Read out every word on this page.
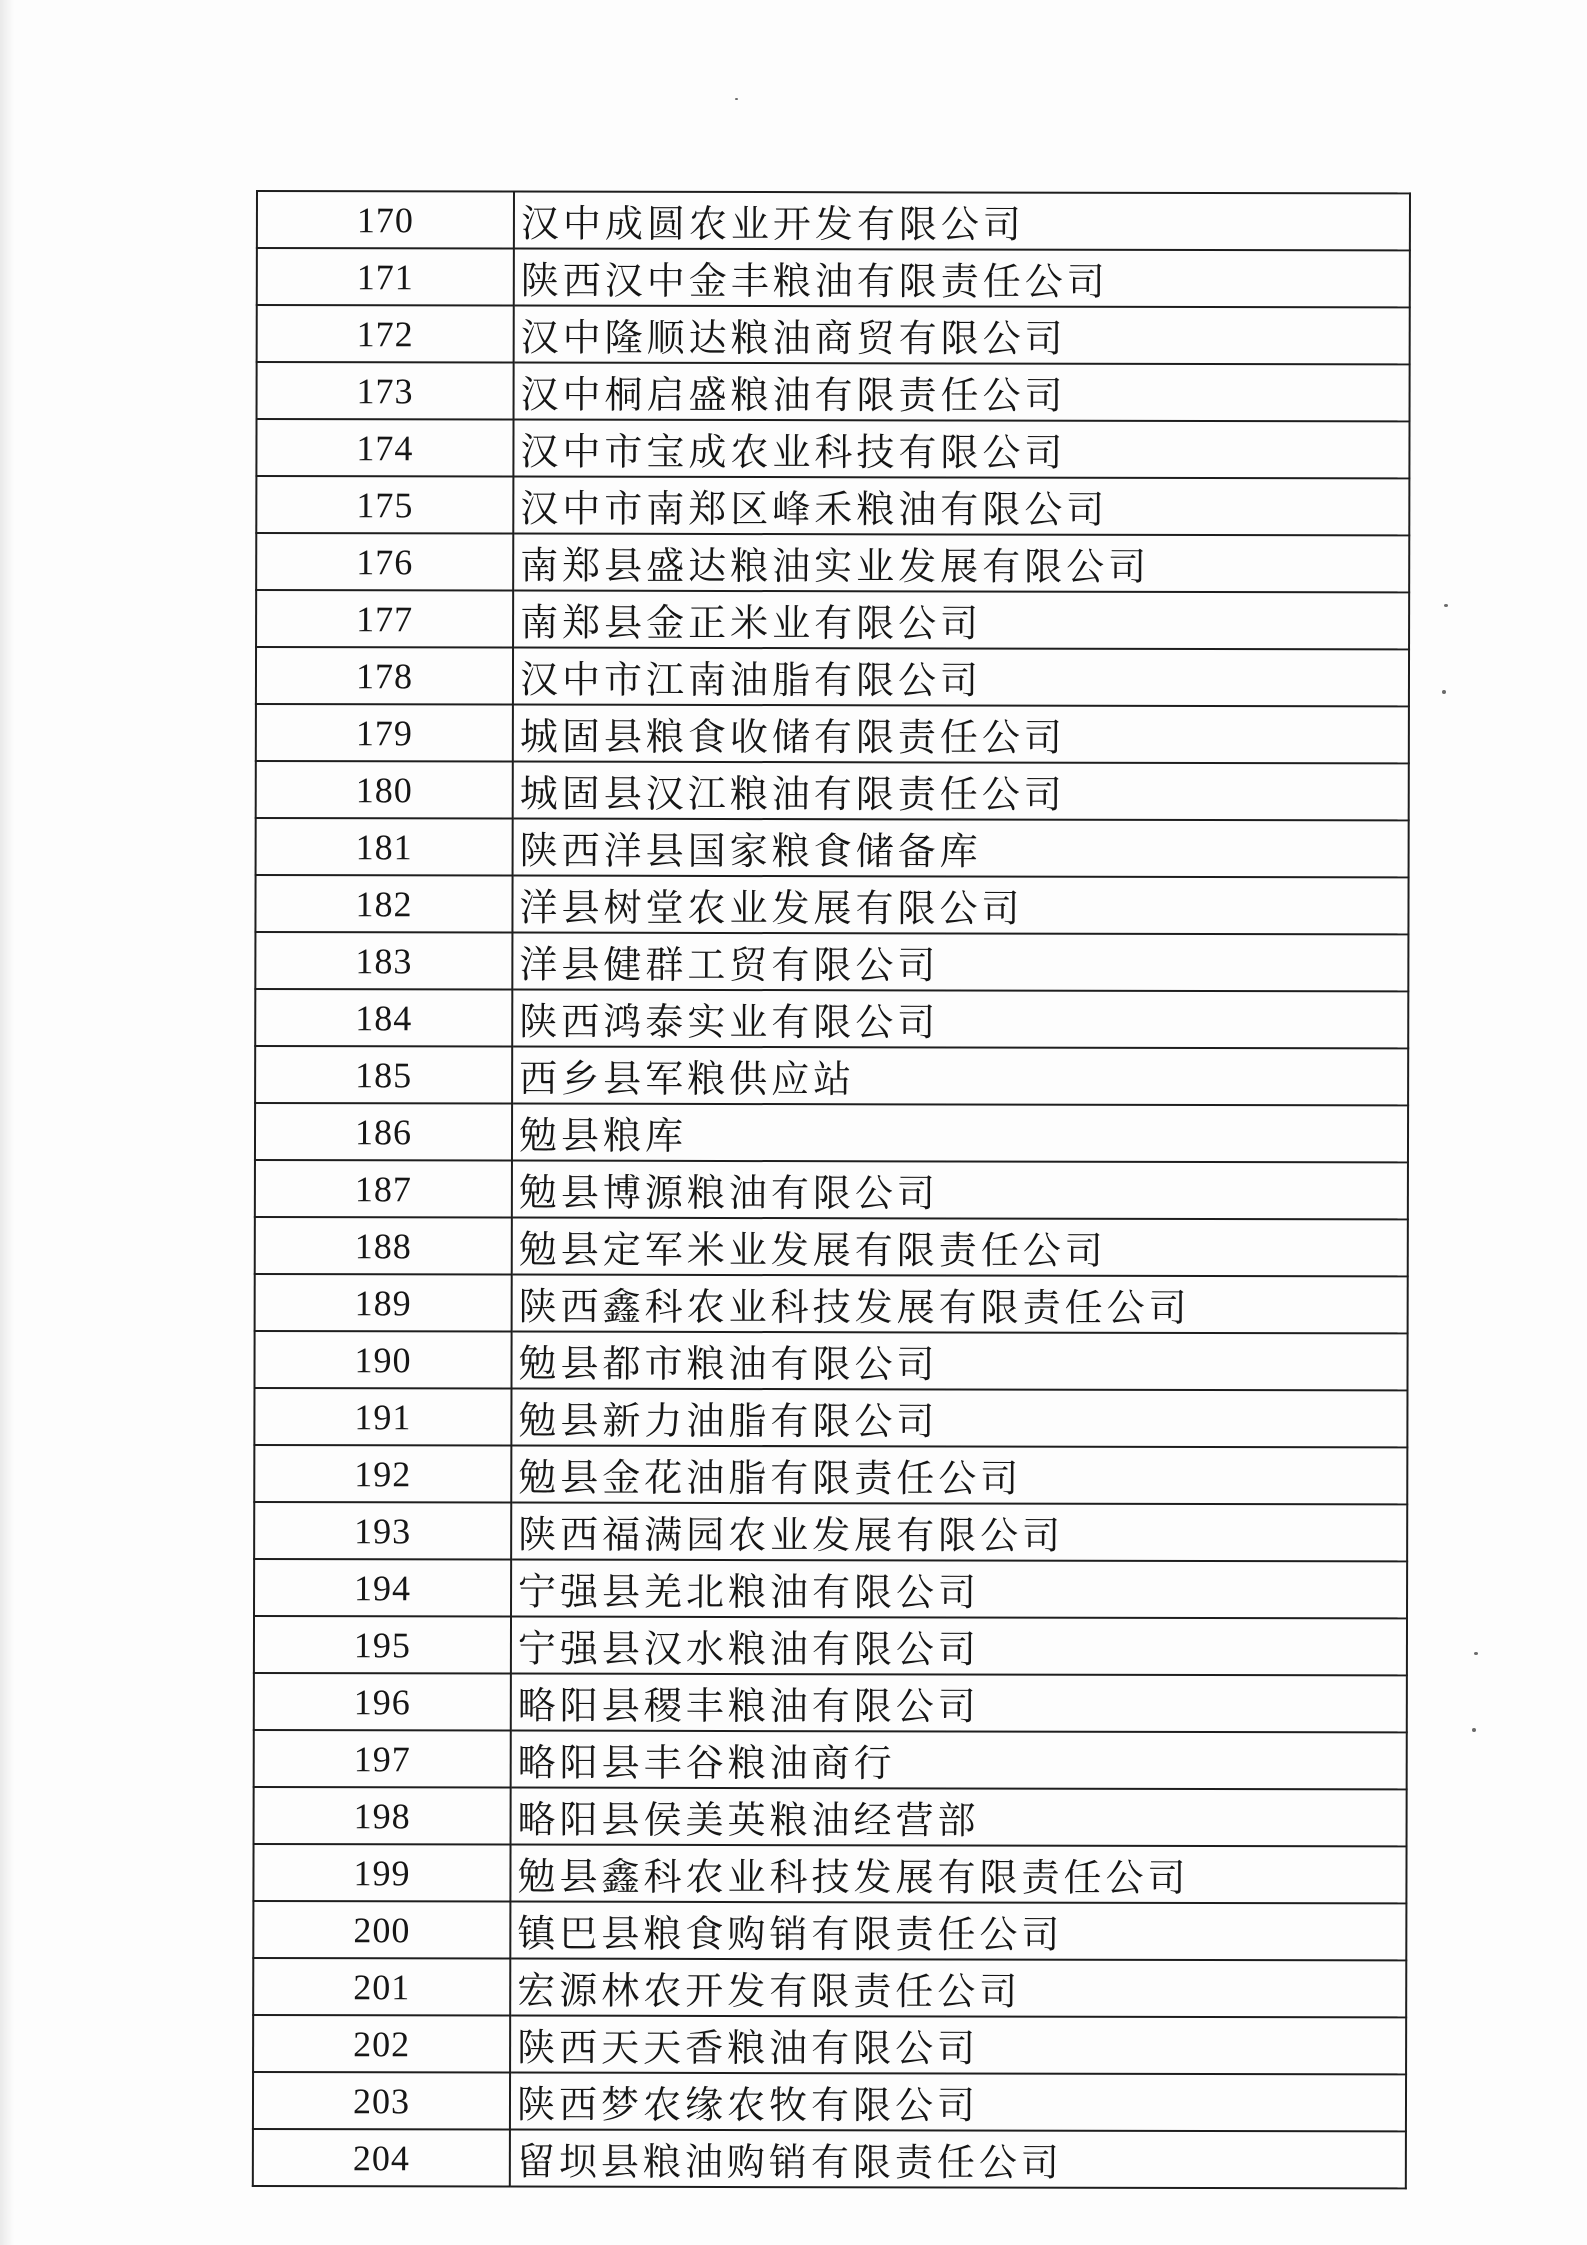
170	汉中成圆农业开发有限公司
171	陕西汉中金丰粮油有限责任公司
172	汉中隆顺达粮油商贸有限公司
173	汉中桐启盛粮油有限责任公司
174	汉中市宝成农业科技有限公司
175	汉中市南郑区峰禾粮油有限公司
176	南郑县盛达粮油实业发展有限公司
177	南郑县金正米业有限公司
178	汉中市江南油脂有限公司
179	城固县粮食收储有限责任公司
180	城固县汉江粮油有限责任公司
181	陕西洋县国家粮食储备库
182	洋县树堂农业发展有限公司
183	洋县健群工贸有限公司
184	陕西鸿泰实业有限公司
185	西乡县军粮供应站
186	勉县粮库
187	勉县博源粮油有限公司
188	勉县定军米业发展有限责任公司
189	陕西鑫科农业科技发展有限责任公司
190	勉县都市粮油有限公司
191	勉县新力油脂有限公司
192	勉县金花油脂有限责任公司
193	陕西福满园农业发展有限公司
194	宁强县羌北粮油有限公司
195	宁强县汉水粮油有限公司
196	略阳县稷丰粮油有限公司
197	略阳县丰谷粮油商行
198	略阳县侯美英粮油经营部
199	勉县鑫科农业科技发展有限责任公司
200	镇巴县粮食购销有限责任公司
201	宏源林农开发有限责任公司
202	陕西天天香粮油有限公司
203	陕西梦农缘农牧有限公司
204	留坝县粮油购销有限责任公司
